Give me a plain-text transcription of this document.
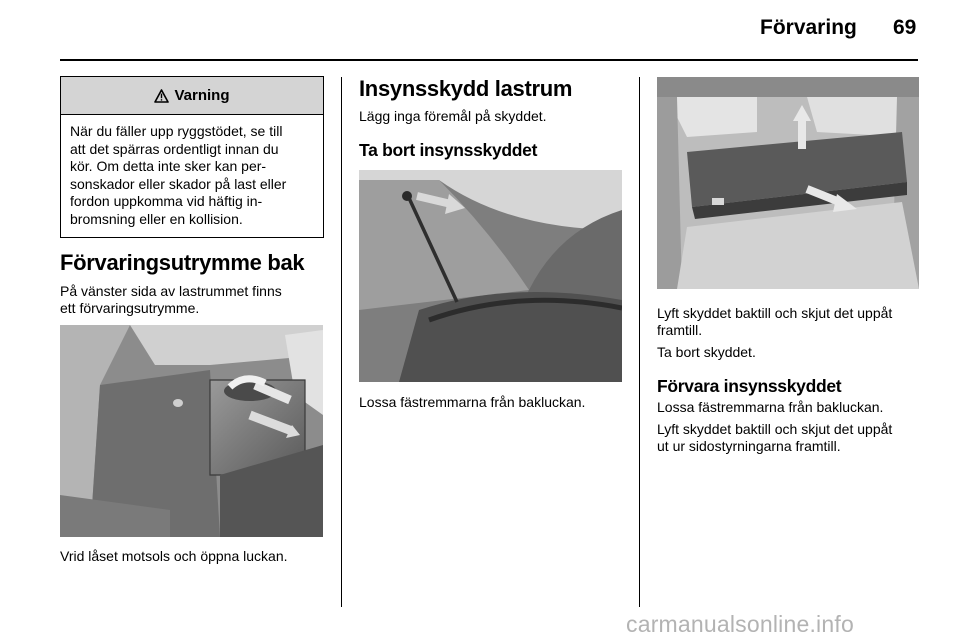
Förvaring 69
Varning
När du fäller upp ryggstödet, se till
att det spärras ordentligt innan du
kör. Om detta inte sker kan per-
sonskador eller skador på last eller
fordon uppkomma vid häftig in-
bromsning eller en kollision.
Förvaringsutrymme bak
På vänster sida av lastrummet finns
ett förvaringsutrymme.
Vrid låset motsols och öppna luckan.
Insynsskydd lastrum
Lägg inga föremål på skyddet.
Ta bort insynsskyddet
Lossa fästremmarna från bakluckan.
Lyft skyddet baktill och skjut det uppåt
framtill.
Ta bort skyddet.
Förvara insynsskyddet
Lossa fästremmarna från bakluckan.
Lyft skyddet baktill och skjut det uppåt
ut ur sidostyrningarna framtill.
carmanualsonline.info
